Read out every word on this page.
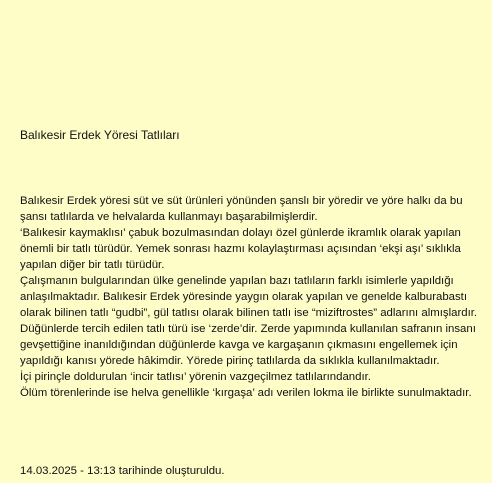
Balıkesir Erdek Yöresi Tatlıları

Balıkesir Erdek yöresi süt ve süt ürünleri yönünden şanslı bir yöredir ve yöre halkı da bu şansı tatlılarda ve helvalarda kullanmayı başarabilmişlerdir.

‘Balıkesir kaymaklısı’ çabuk bozulmasından dolayı özel günlerde ikramlık olarak yapılan önemli bir tatlı türüdür. Yemek sonrası hazmı kolaylaştırması açısından ‘ekşi aşı’ sıklıkla yapılan diğer bir tatlı türüdür.

Çalışmanın bulgularından ülke genelinde yapılan bazı tatlıların farklı isimlerle yapıldığı anlaşılmaktadır. Balıkesir Erdek yöresinde yaygın olarak yapılan ve genelde kalburabastı olarak bilinen tatlı “gudbi”, gül tatlısı olarak bilinen tatlı ise “miziftrostes” adlarını almışlardır.

Düğünlerde tercih edilen tatlı türü ise ‘zerde’dir. Zerde yapımında kullanılan safranın insanı gevşettiğine inanıldığından düğünlerde kavga ve kargaşanın çıkmasını engellemek için yapıldığı kanısı yörede hâkimdir. Yörede pirinç tatlılarda da sıklıkla kullanılmaktadır.

İçi pirinçle doldurulan ‘incir tatlısı’ yörenin vazgeçilmez tatlılarındandır.

Ölüm törenlerinde ise helva genellikle ‘kırgaşa’ adı verilen lokma ile birlikte sunulmaktadır.

14.03.2025 - 13:13 tarihinde oluşturuldu.
